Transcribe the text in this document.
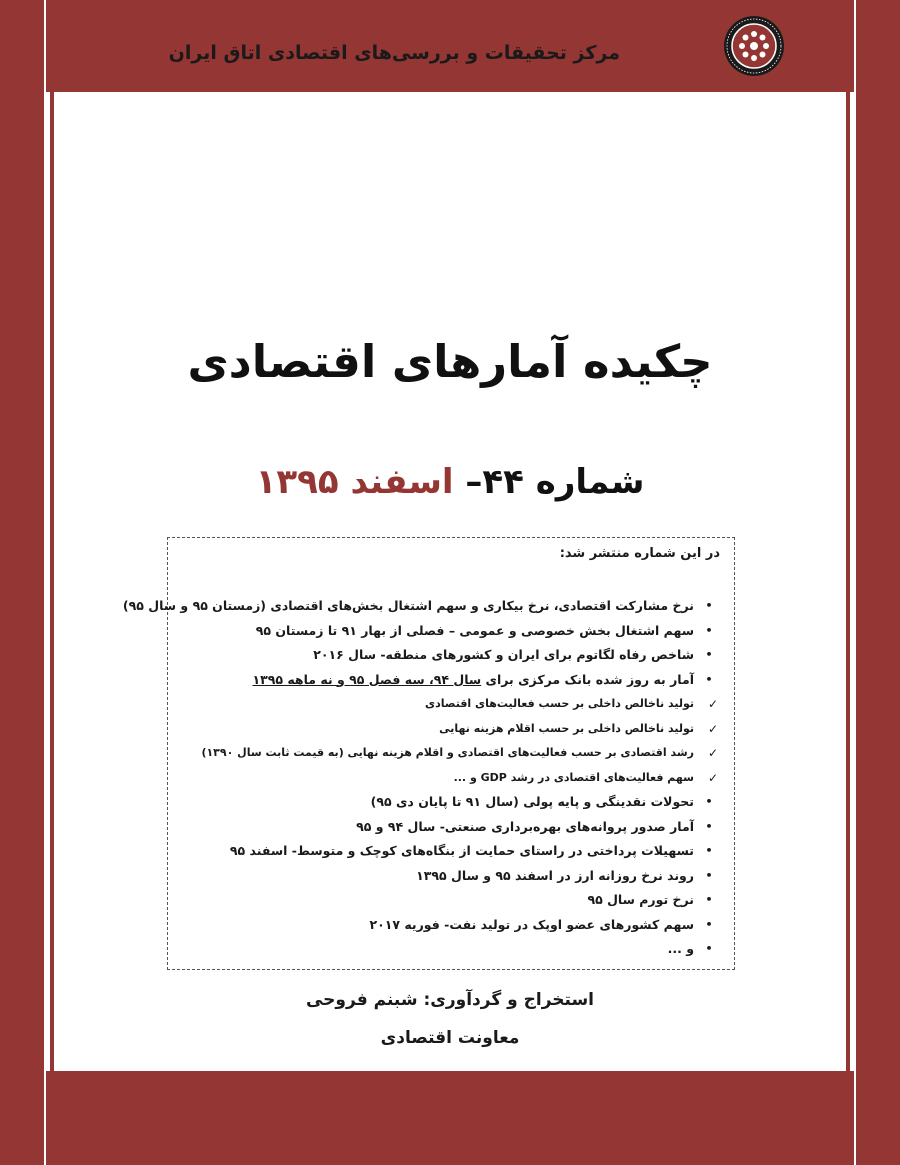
مرکز تحقیقات و بررسی‌های اقتصادی اتاق ایران
چکیده آمارهای اقتصادی
شماره ۴۴– اسفند ۱۳۹۵
در این شماره منتشر شد:
•
نرخ مشارکت اقتصادی، نرخ بیکاری و سهم اشتغال بخش‌های اقتصادی (زمستان ۹۵ و سال ۹۵)
•
سهم اشتغال بخش خصوصی و عمومی – فصلی از بهار ۹۱ تا زمستان ۹۵
•
شاخص رفاه لگاتوم برای ایران و کشورهای منطقه- سال ۲۰۱۶
•
آمار به روز شده بانک مرکزی برای سال ۹۴، سه فصل ۹۵ و نه ماهه ۱۳۹۵
✓
تولید ناخالص داخلی بر حسب فعالیت‌های اقتصادی
✓
تولید ناخالص داخلی بر حسب اقلام هزینه نهایی
✓
رشد اقتصادی بر حسب فعالیت‌های اقتصادی و اقلام هزینه نهایی (به قیمت ثابت سال ۱۳۹۰)
✓
سهم فعالیت‌های اقتصادی در رشد GDP و ...
•
تحولات نقدینگی و پایه پولی (سال ۹۱ تا پایان دی ۹۵)
•
آمار صدور پروانه‌های بهره‌برداری صنعتی- سال ۹۴ و ۹۵
•
تسهیلات پرداختی در راستای حمایت از بنگاه‌های کوچک و متوسط- اسفند ۹۵
•
روند نرخ روزانه ارز در اسفند ۹۵ و سال ۱۳۹۵
•
نرخ تورم سال ۹۵
•
سهم کشورهای عضو اوپک در تولید نفت- فوریه ۲۰۱۷
•
و ...
استخراج و گردآوری: شبنم فروحی
معاونت اقتصادی
